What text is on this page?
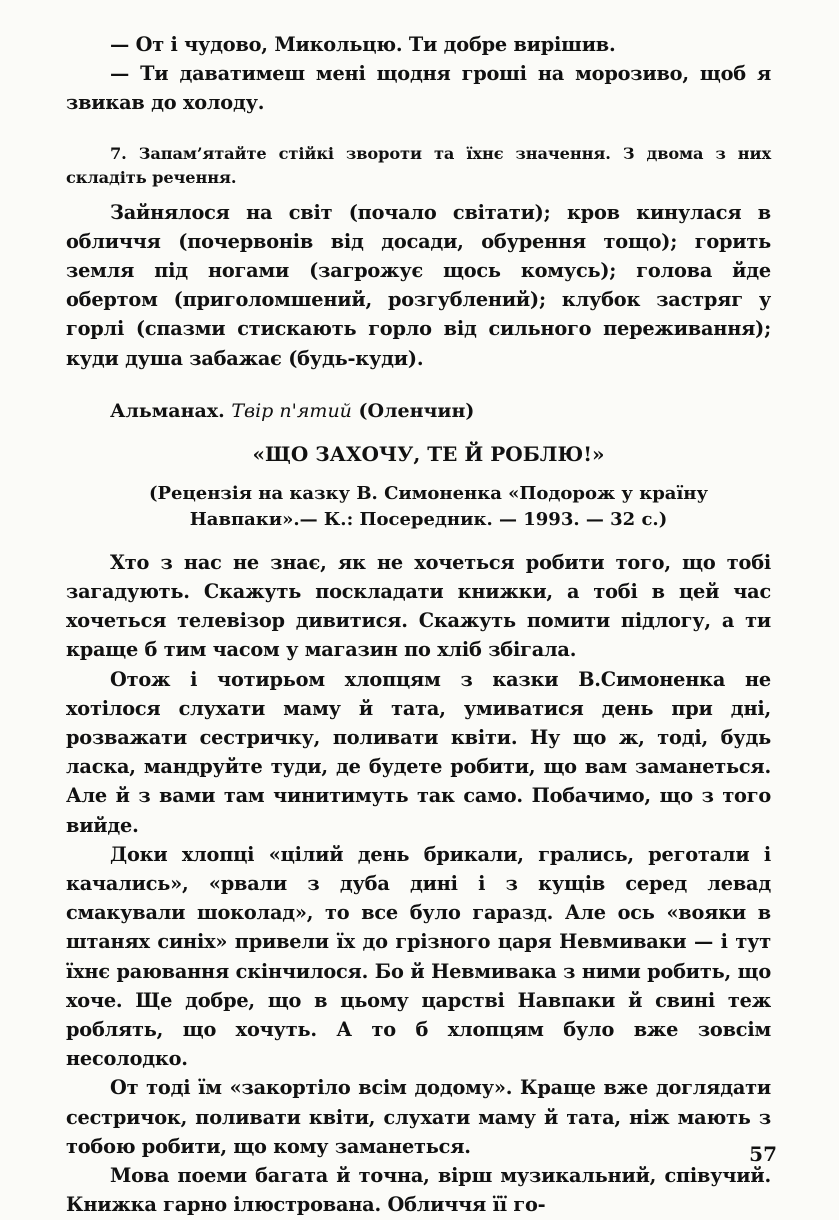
— От і чудово, Микольцю. Ти добре вирішив.

— Ти даватимеш мені щодня гроші на морозиво, щоб я звикав до холоду.

7. Запам’ятайте стійкі звороти та їхнє значення. З двома з них складіть речення.

Зайнялося на світ (почало світати); кров кинулася в обличчя (почервонів від досади, обурення тощо); горить земля під ногами (загрожує щось комусь); голова йде обертом (приголомшений, розгублений); клубок застряг у горлі (спазми стискають горло від сильного переживання); куди душа забажає (будь-куди).

Альманах. Твір п'ятий (Оленчин)

«ЩО ЗАХОЧУ, ТЕ Й РОБЛЮ!»

(Рецензія на казку В. Симоненка «Подорож у країну
Навпаки».— К.: Посередник. — 1993. — 32 с.)

Хто з нас не знає, як не хочеться робити того, що тобі загадують. Скажуть поскладати книжки, а тобі в цей час хочеться телевізор дивитися. Скажуть помити підлогу, а ти краще б тим часом у магазин по хліб збігала.

Отож і чотирьом хлопцям з казки В.Симоненка не хотілося слухати маму й тата, умиватися день при дні, розважати сестричку, поливати квіти. Ну що ж, тоді, будь ласка, мандруйте туди, де будете робити, що вам заманеться. Але й з вами там чинитимуть так само. Побачимо, що з того вийде.

Доки хлопці «цілий день брикали, грались, реготали і качались», «рвали з дуба дині і з кущів серед левад смакували шоколад», то все було гаразд. Але ось «вояки в штанях синіх» привели їх до грізного царя Невмиваки — і тут їхнє раювання скінчилося. Бо й Невмивака з ними робить, що хоче. Ще добре, що в цьому царстві Навпаки й свині теж роблять, що хочуть. А то б хлопцям було вже зовсім несолодко.

От тоді їм «закортіло всім додому». Краще вже доглядати сестричок, поливати квіти, слухати маму й тата, ніж мають з тобою робити, що кому заманеться.

Мова поеми багата й точна, вірш музикальний, співучий. Книжка гарно ілюстрована. Обличчя її го-

57
